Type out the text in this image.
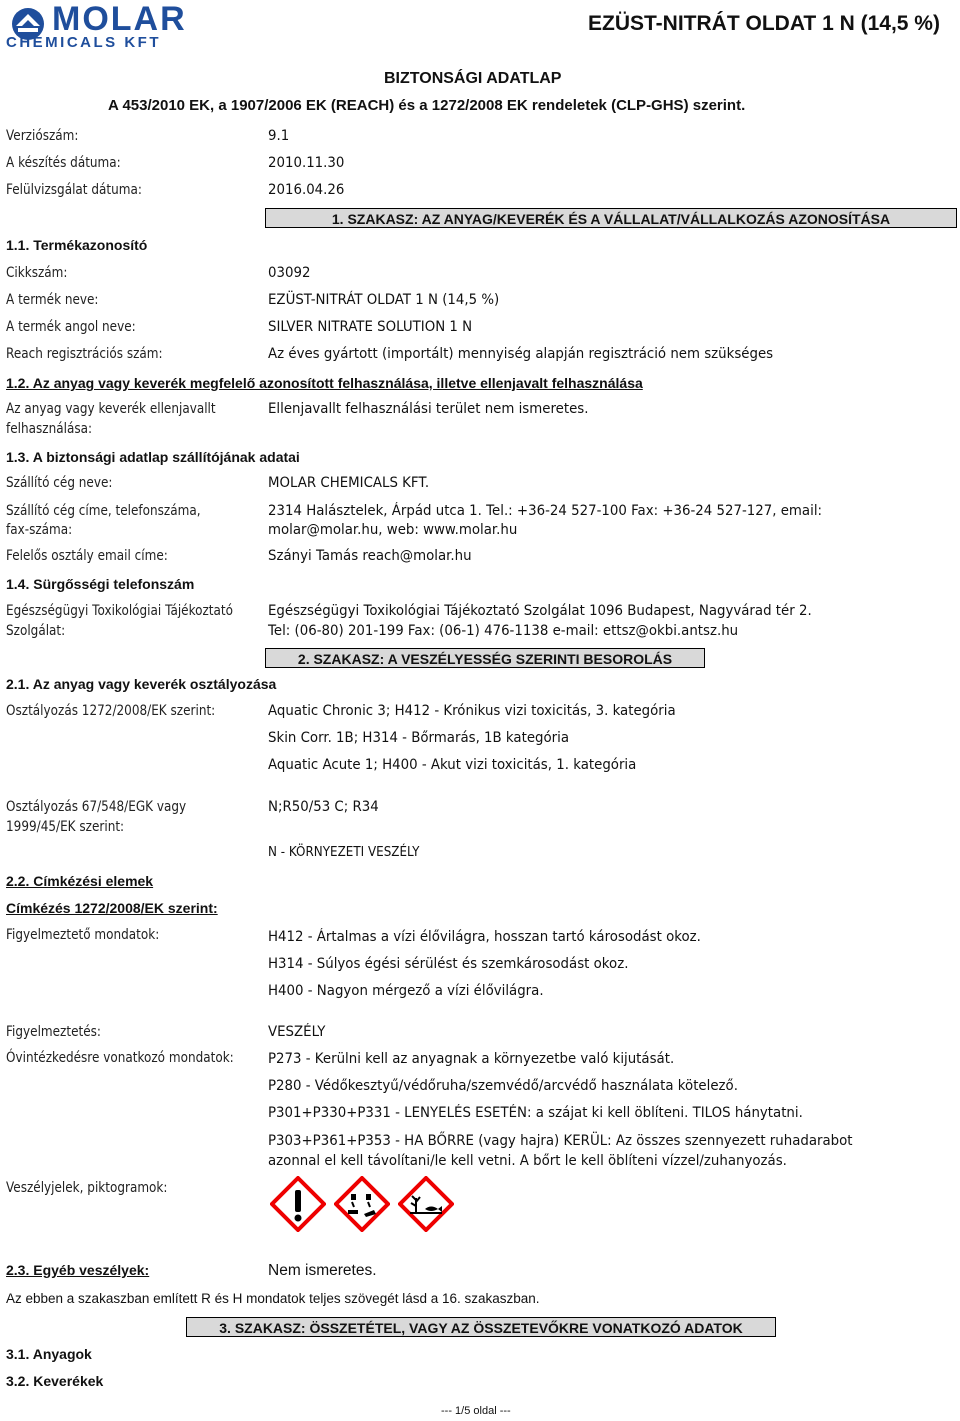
MOLAR
CHEMICALS KFT
EZÜST-NITRÁT OLDAT 1 N (14,5 %)
BIZTONSÁGI ADATLAP
A 453/2010 EK, a 1907/2006 EK (REACH) és a 1272/2008 EK rendeletek (CLP-GHS) szerint.
Verziószám:	9.1
A készítés dátuma:	2010.11.30
Felülvizsgálat dátuma:	2016.04.26
1. SZAKASZ: AZ ANYAG/KEVERÉK ÉS A VÁLLALAT/VÁLLALKOZÁS AZONOSÍTÁSA
1.1. Termékazonosító
Cikkszám:	03092
A termék neve:	EZÜST-NITRÁT OLDAT 1 N (14,5 %)
A termék angol neve:	SILVER NITRATE SOLUTION 1 N
Reach regisztrációs szám:	Az éves gyártott (importált) mennyiség alapján regisztráció nem szükséges
1.2. Az anyag vagy keverék megfelelő azonosított felhasználása, illetve ellenjavalt felhasználása
Az anyag vagy keverék ellenjavallt
felhasználása:
Ellenjavallt felhasználási terület nem ismeretes.
1.3. A biztonsági adatlap szállítójának adatai
Szállító cég neve:	MOLAR CHEMICALS KFT.
Szállító cég címe, telefonszáma,
fax-száma:
2314 Halásztelek, Árpád utca 1. Tel.: +36-24 527-100 Fax: +36-24 527-127, email:
molar@molar.hu, web: www.molar.hu
Felelős osztály email címe:	Szányi Tamás reach@molar.hu
1.4. Sürgősségi telefonszám
Egészségügyi Toxikológiai Tájékoztató
Szolgálat:
Egészségügyi Toxikológiai Tájékoztató Szolgálat 1096 Budapest, Nagyvárad tér 2.
Tel: (06-80) 201-199 Fax: (06-1) 476-1138 e-mail: ettsz@okbi.antsz.hu
2. SZAKASZ: A VESZÉLYESSÉG SZERINTI BESOROLÁS
2.1. Az anyag vagy keverék osztályozása
Osztályozás 1272/2008/EK szerint:	Aquatic Chronic 3; H412 - Krónikus vizi toxicitás, 3. kategória
Skin Corr. 1B; H314 - Bőrmarás, 1B kategória
Aquatic Acute 1; H400 - Akut vizi toxicitás, 1. kategória
Osztályozás 67/548/EGK vagy
1999/45/EK szerint:
N;R50/53 C; R34
N - KÖRNYEZETI VESZÉLY
2.2. Címkézési elemek
Címkézés 1272/2008/EK szerint:
Figyelmeztető mondatok:	H412 - Ártalmas a vízi élővilágra, hosszan tartó károsodást okoz.
H314 - Súlyos égési sérülést és szemkárosodást okoz.
H400 - Nagyon mérgező a vízi élővilágra.
Figyelmeztetés:	VESZÉLY
Óvintézkedésre vonatkozó mondatok: P273 - Kerülni kell az anyagnak a környezetbe való kijutását.
P280 - Védőkesztyű/védőruha/szemvédő/arcvédő használata kötelező.
P301+P330+P331 - LENYELÉS ESETÉN: a szájat ki kell öblíteni. TILOS hánytatni.
P303+P361+P353 - HA BŐRRE (vagy hajra) KERÜL: Az összes szennyezett ruhadarabot
azonnal el kell távolítani/le kell vetni. A bőrt le kell öblíteni vízzel/zuhanyozás.
Veszélyjelek, piktogramok:
2.3. Egyéb veszélyek:	Nem ismeretes.
Az ebben a szakaszban említett R és H mondatok teljes szövegét lásd a 16. szakaszban.
3. SZAKASZ: ÖSSZETÉTEL, VAGY AZ ÖSSZETEVŐKRE VONATKOZÓ ADATOK
3.1. Anyagok
3.2. Keverékek
--- 1/5 oldal ---
